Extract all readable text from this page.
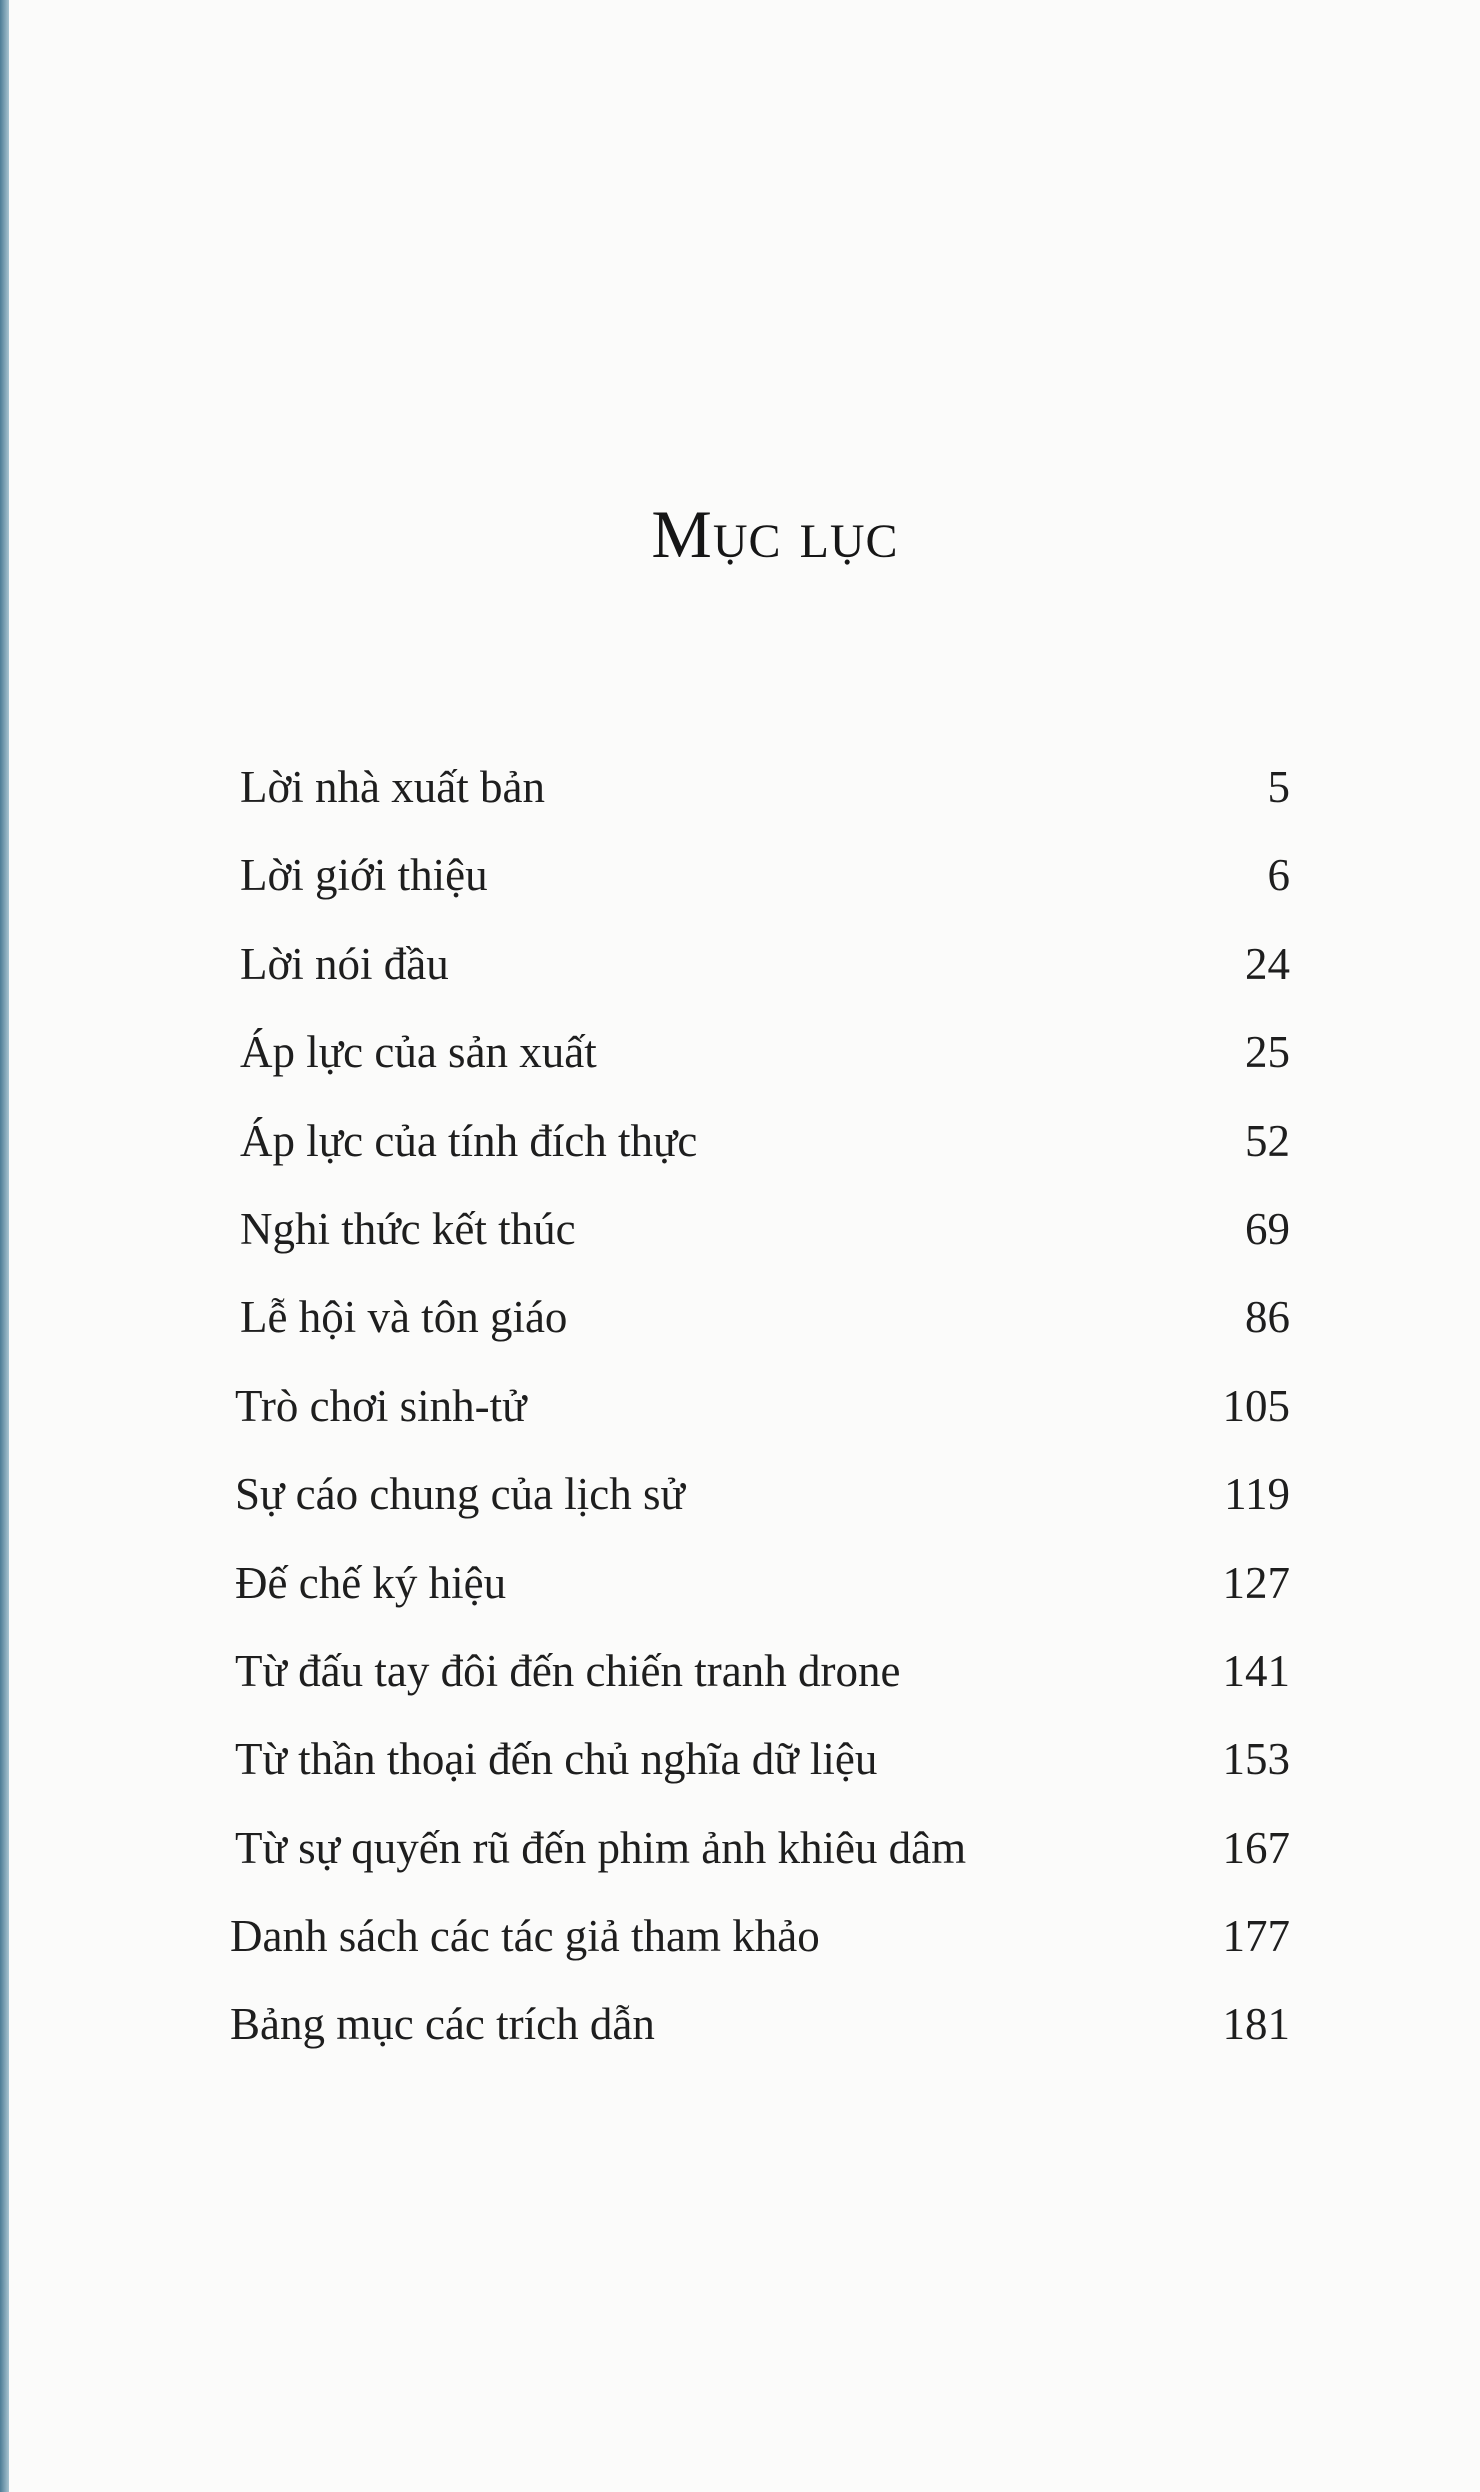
Mục lục
Lời nhà xuất bản	5
Lời giới thiệu	6
Lời nói đầu	24
Áp lực của sản xuất	25
Áp lực của tính đích thực	52
Nghi thức kết thúc	69
Lễ hội và tôn giáo	86
Trò chơi sinh-tử	105
Sự cáo chung của lịch sử	119
Đế chế ký hiệu	127
Từ đấu tay đôi đến chiến tranh drone	141
Từ thần thoại đến chủ nghĩa dữ liệu	153
Từ sự quyến rũ đến phim ảnh khiêu dâm	167
Danh sách các tác giả tham khảo	177
Bảng mục các trích dẫn	181
